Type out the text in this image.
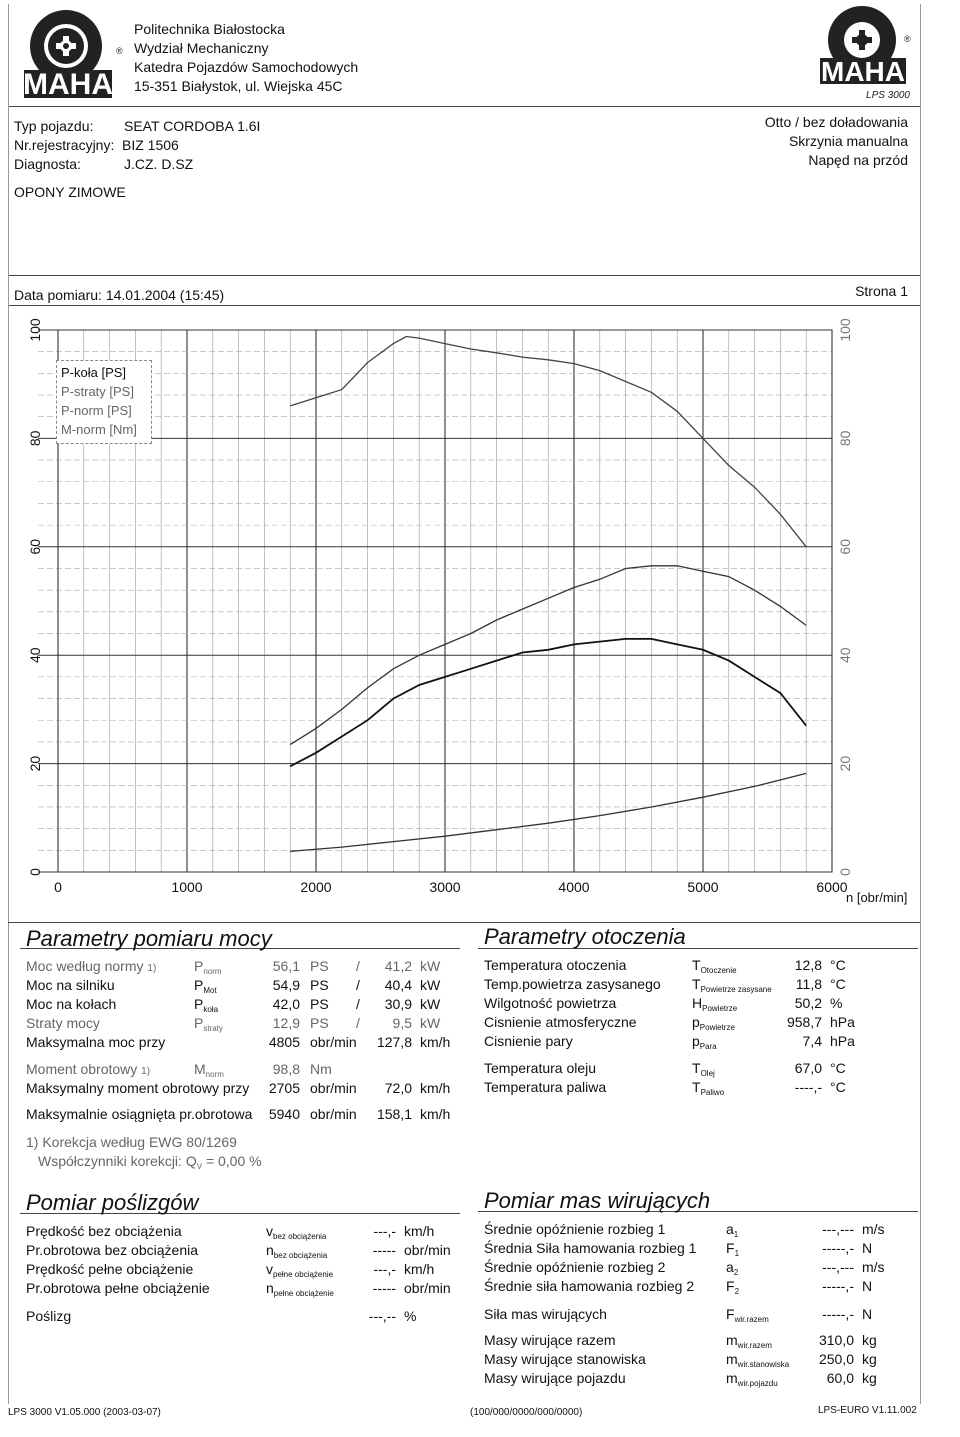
MAHA
®
Politechnika Białostocka
Wydział Mechaniczny
Katedra Pojazdów Samochodowych
15-351 Białystok, ul. Wiejska 45C	MAHA
®
LPS 3000
Typ pojazdu: SEAT CORDOBA 1.6I
Nr.rejestracyjny: BIZ 1506
Diagnosta:	J.CZ. D.SZ
Otto / bez doładowania
Skrzynia manualna
Napęd na przód
OPONY ZIMOWE
Data pomiaru: 14.01.2004 (15:45)	Strona 1
0	1000	2000	3000	4000	5000	6000
0	0
20	20
40	40
60	60
80	80
100	100
P-koła [PS]
P-straty [PS]
P-norm [PS]
M-norm [Nm]
n [obr/min]
Parametry pomiaru mocy
Moc według normy 1)	$P_{norm}$	56,1 PS /	41,2 kW
Moc na silniku	$P_{Mot}$	54,9 PS /	40,4 kW
Moc na kołach	$P_{koła}$	42,0 PS /	30,9 kW
Straty mocy	$P_{straty}$	12,9 PS /	9,5 kW
Maksymalna moc przy	4805 obr/min	127,8 km/h
Moment obrotowy 1)	$M_{norm}$	98,8 Nm
Maksymalny moment obrotowy przy	2705 obr/min	72,0 km/h
Maksymalnie osiągnięta pr.obrotowa	5940 obr/min	158,1 km/h
1) Korekcja według EWG 80/1269
Współczynniki korekcji: $Q_V = 0,00$ %
Parametry otoczenia
Temperatura otoczenia	$T_{Otoczenie}$	12,8 °C
Temp.powietrza zasysanego $T_{Powietrze zasysane}$	11,8 °C
Wilgotność powietrza	$H_{Powietrze}$	50,2 %
Cisnienie atmosferyczne	$p_{Powietrze}$	958,7 hPa
Cisnienie pary	$p_{Para}$	7,4 hPa
Temperatura oleju	$T_{Olej}$	67,0 °C
Temperatura paliwa	$T_{Paliwo}$	----,- °C
Pomiar poślizgów
Prędkość bez obciążenia	$v_{bez obciążenia}$	---,- km/h
Pr.obrotowa bez obciążenia	$n_{bez obciążenia}$	----- obr/min
Prędkość pełne obciążenie	$v_{pełne obciążenie}$	---,- km/h
Pr.obrotowa pełne obciążenie	$n_{pełne obciążenie}$	----- obr/min
Poślizg	---,-- %
Pomiar mas wirujących
Średnie opóźnienie rozbieg 1	$a_1$	---,--- m/s
Średnia Siła hamowania rozbieg 1 $F_1$	-----,- N
Średnie opóźnienie rozbieg 2	$a_2$	---,--- m/s
Średnie siła hamowania rozbieg 2 $F_2$	-----,- N
Siła mas wirujących	$F_{wir.razem}$	-----,- N
Masy wirujące razem	$m_{wir.razem}$	310,0 kg
Masy wirujące stanowiska	$m_{wir.stanowiska}$	250,0 kg
Masy wirujące pojazdu	$m_{wir.pojazdu}$	60,0 kg
LPS 3000 V1.05.000 (2003-03-07)	(100/000/0000/000/0000)	LPS-EURO V1.11.002
